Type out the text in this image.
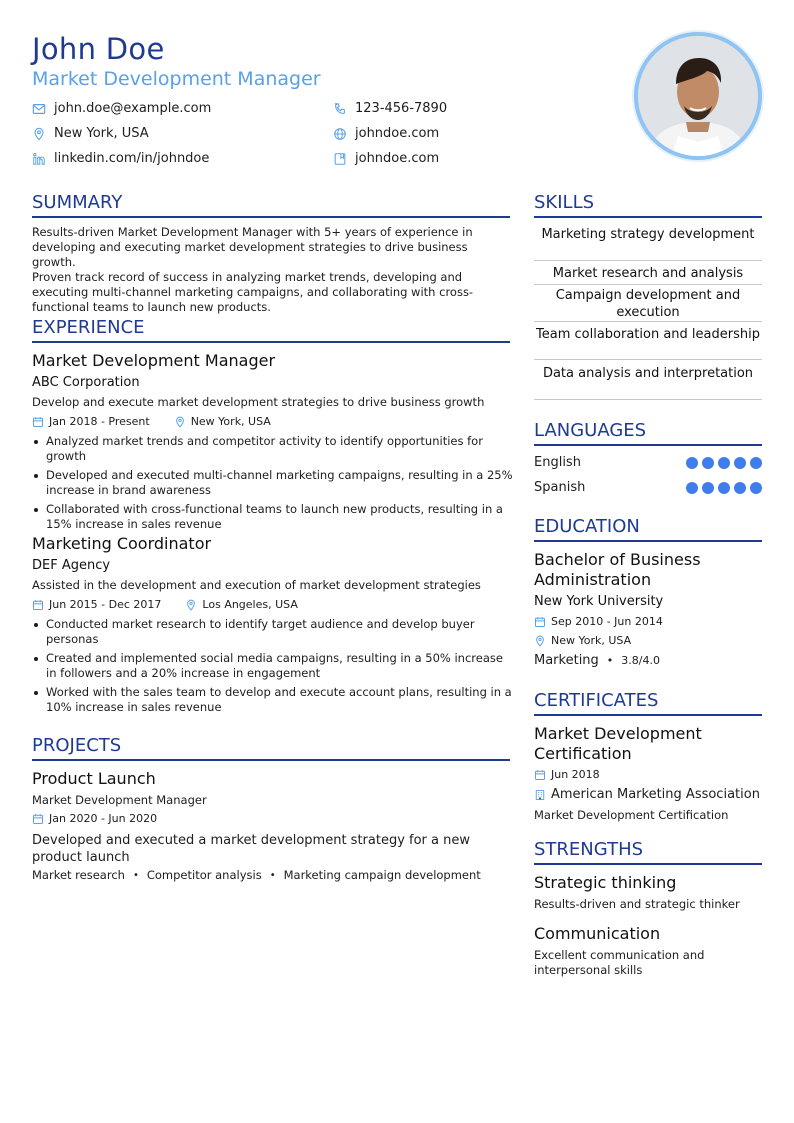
John Doe
Market Development Manager
john.doe@example.com	123-456-7890
New York, USA	johndoe.com
linkedin.com/in/johndoe	johndoe.com
SUMMARY
Results-driven Market Development Manager with 5+ years of experience in
developing and executing market development strategies to drive business growth.
Proven track record of success in analyzing market trends, developing and
executing multi-channel marketing campaigns, and collaborating with cross-
functional teams to launch new products.
EXPERIENCE
Market Development Manager
ABC Corporation
Develop and execute market development strategies to drive business growth
Jan 2018 - Present	New York, USA
Analyzed market trends and competitor activity to identify opportunities for growth
Developed and executed multi-channel marketing campaigns, resulting in a 25% increase in brand awareness
Collaborated with cross-functional teams to launch new products, resulting in a 15% increase in sales revenue
Marketing Coordinator
DEF Agency
Assisted in the development and execution of market development strategies
Jun 2015 - Dec 2017	Los Angeles, USA
Conducted market research to identify target audience and develop buyer personas
Created and implemented social media campaigns, resulting in a 50% increase in followers and a 20% increase in engagement
Worked with the sales team to develop and execute account plans, resulting in a 10% increase in sales revenue
PROJECTS
Product Launch
Market Development Manager
Jan 2020 - Jun 2020
Developed and executed a market development strategy for a new product launch
Market research • Competitor analysis • Marketing campaign development
SKILLS
Marketing strategy development
Market research and analysis
Campaign development and execution
Team collaboration and leadership
Data analysis and interpretation
LANGUAGES
English
Spanish
EDUCATION
Bachelor of Business Administration
New York University
Sep 2010 - Jun 2014
New York, USA
Marketing • 3.8/4.0
CERTIFICATES
Market Development Certification
Jun 2018
American Marketing Association
Market Development Certification
STRENGTHS
Strategic thinking
Results-driven and strategic thinker
Communication
Excellent communication and interpersonal skills
